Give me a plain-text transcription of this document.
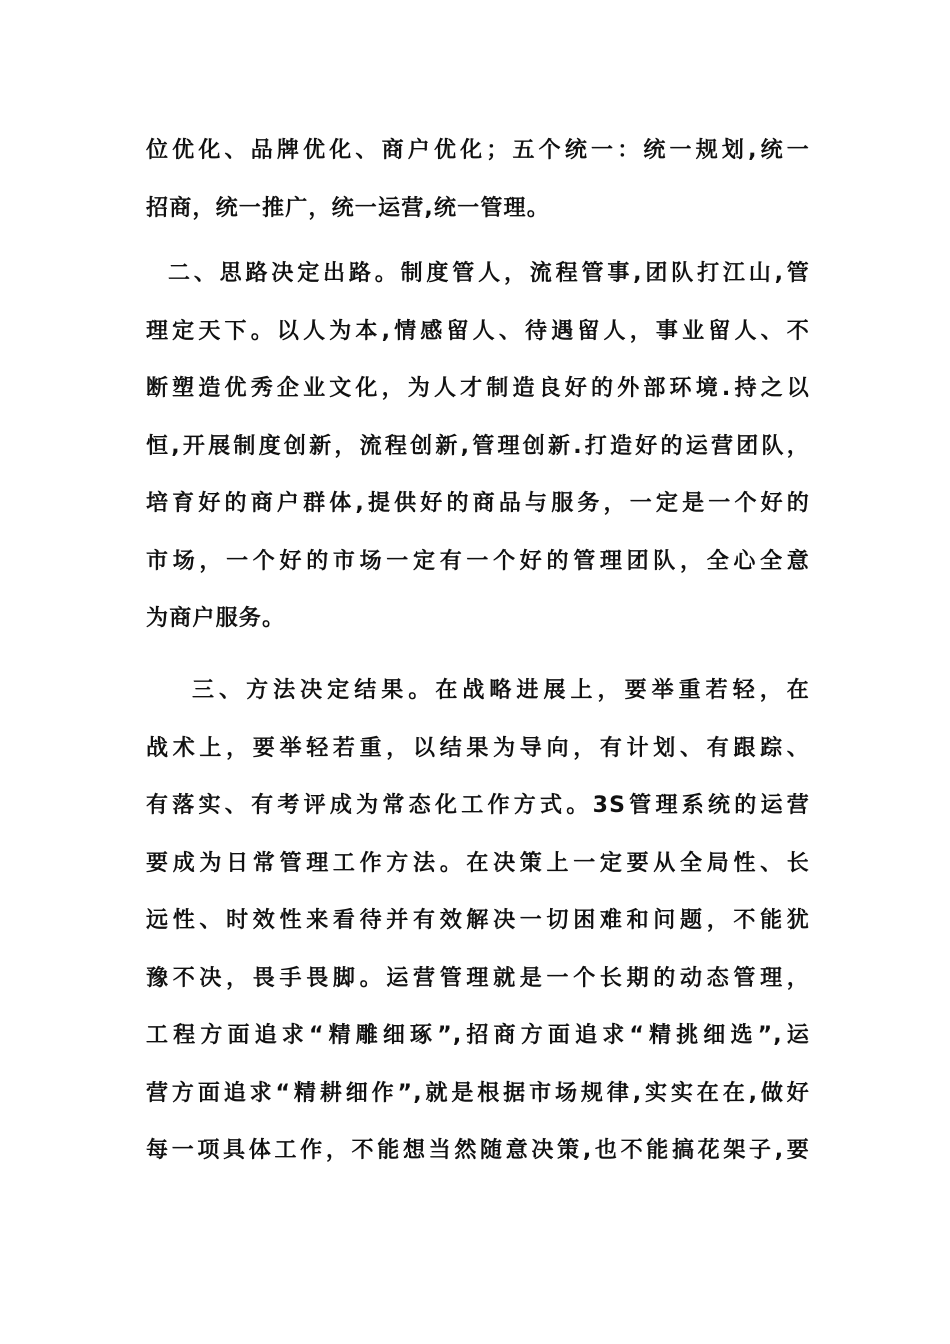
位优化、品牌优化、商户优化；五个统一：统一规划,统一
招商，统一推广，统一运营,统一管理。
二、思路决定出路。制度管人，流程管事,团队打江山,管
理定天下。以人为本,情感留人、待遇留人，事业留人、不
断塑造优秀企业文化，为人才制造良好的外部环境.持之以
恒,开展制度创新，流程创新,管理创新.打造好的运营团队，
培育好的商户群体,提供好的商品与服务，一定是一个好的
市场，一个好的市场一定有一个好的管理团队，全心全意
为商户服务。
三、方法决定结果。在战略进展上，要举重若轻，在
战术上，要举轻若重，以结果为导向，有计划、有跟踪、
有落实、有考评成为常态化工作方式。3S管理系统的运营
要成为日常管理工作方法。在决策上一定要从全局性、长
远性、时效性来看待并有效解决一切困难和问题，不能犹
豫不决，畏手畏脚。运营管理就是一个长期的动态管理，
工程方面追求“精雕细琢”,招商方面追求“精挑细选”,运
营方面追求“精耕细作”,就是根据市场规律,实实在在,做好
每一项具体工作，不能想当然随意决策,也不能搞花架子,要
